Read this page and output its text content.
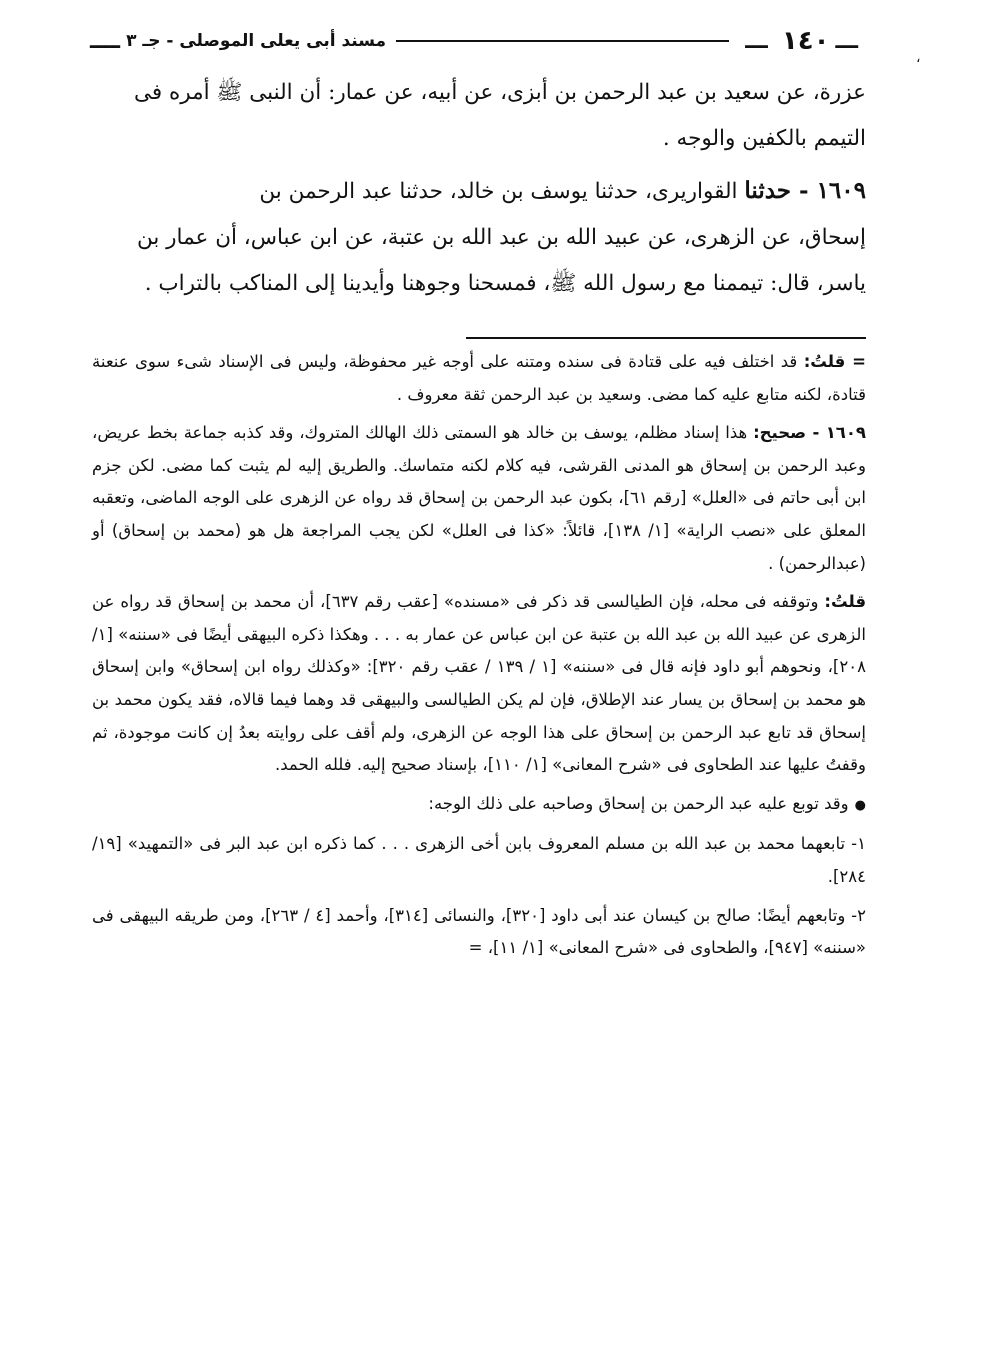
ـــ
١٤٠
ـــ
مسند أبى يعلى الموصلى - جـ ٣
ــــ
،

عزرة، عن سعيد بن عبد الرحمن بن أبزى، عن أبيه، عن عمار: أن النبى ﷺ أمره فى

التيمم بالكفين والوجه .

١٦٠٩ - حدثنا القواريرى، حدثنا يوسف بن خالد، حدثنا عبد الرحمن بن

إسحاق، عن الزهرى، عن عبيد الله بن عبد الله بن عتبة، عن ابن عباس، أن عمار بن

ياسر، قال: تيممنا مع رسول الله ﷺ، فمسحنا وجوهنا وأيدينا إلى المناكب بالتراب .

= قلتُ: قد اختلف فيه على قتادة فى سنده ومتنه على أوجه غير محفوظة، وليس فى الإسناد شىء سوى عنعنة قتادة، لكنه متابع عليه كما مضى. وسعيد بن عبد الرحمن ثقة معروف .

١٦٠٩ - صحيح: هذا إسناد مظلم، يوسف بن خالد هو السمتى ذلك الهالك المتروك، وقد كذبه جماعة بخط عريض، وعبد الرحمن بن إسحاق هو المدنى القرشى، فيه كلام لكنه متماسك. والطريق إليه لم يثبت كما مضى. لكن جزم ابن أبى حاتم فى «العلل» [رقم ٦١]، بكون عبد الرحمن بن إسحاق قد رواه عن الزهرى على الوجه الماضى، وتعقبه المعلق على «نصب الراية» [١/ ١٣٨]، قائلاً: «كذا فى العلل» لكن يجب المراجعة هل هو (محمد بن إسحاق) أو (عبدالرحمن) .

قلتُ: وتوقفه فى محله، فإن الطيالسى قد ذكر فى «مسنده» [عقب رقم ٦٣٧]، أن محمد بن إسحاق قد رواه عن الزهرى عن عبيد الله بن عبد الله بن عتبة عن ابن عباس عن عمار به . . . وهكذا ذكره البيهقى أيضًا فى «سننه» [١/ ٢٠٨]، ونحوهم أبو داود فإنه قال فى «سننه» [١ / ١٣٩ / عقب رقم ٣٢٠]: «وكذلك رواه ابن إسحاق» وابن إسحاق هو محمد بن إسحاق بن يسار عند الإطلاق، فإن لم يكن الطيالسى والبيهقى قد وهما فيما قالاه، فقد يكون محمد بن إسحاق قد تابع عبد الرحمن بن إسحاق على هذا الوجه عن الزهرى، ولم أقف على روايته بعدُ إن كانت موجودة، ثم وقفتُ عليها عند الطحاوى فى «شرح المعانى» [١/ ١١٠]، بإسناد صحيح إليه. فلله الحمد.

●وقد توبع عليه عبد الرحمن بن إسحاق وصاحبه على ذلك الوجه:

١- تابعهما محمد بن عبد الله بن مسلم المعروف بابن أخى الزهرى . . . كما ذكره ابن عبد البر فى «التمهيد» [١٩/ ٢٨٤].

٢- وتابعهم أيضًا: صالح بن كيسان عند أبى داود [٣٢٠]، والنسائى [٣١٤]، وأحمد [٤ / ٢٦٣]، ومن طريقه البيهقى فى «سننه» [٩٤٧]، والطحاوى فى «شرح المعانى» [١/ ١١]، =
